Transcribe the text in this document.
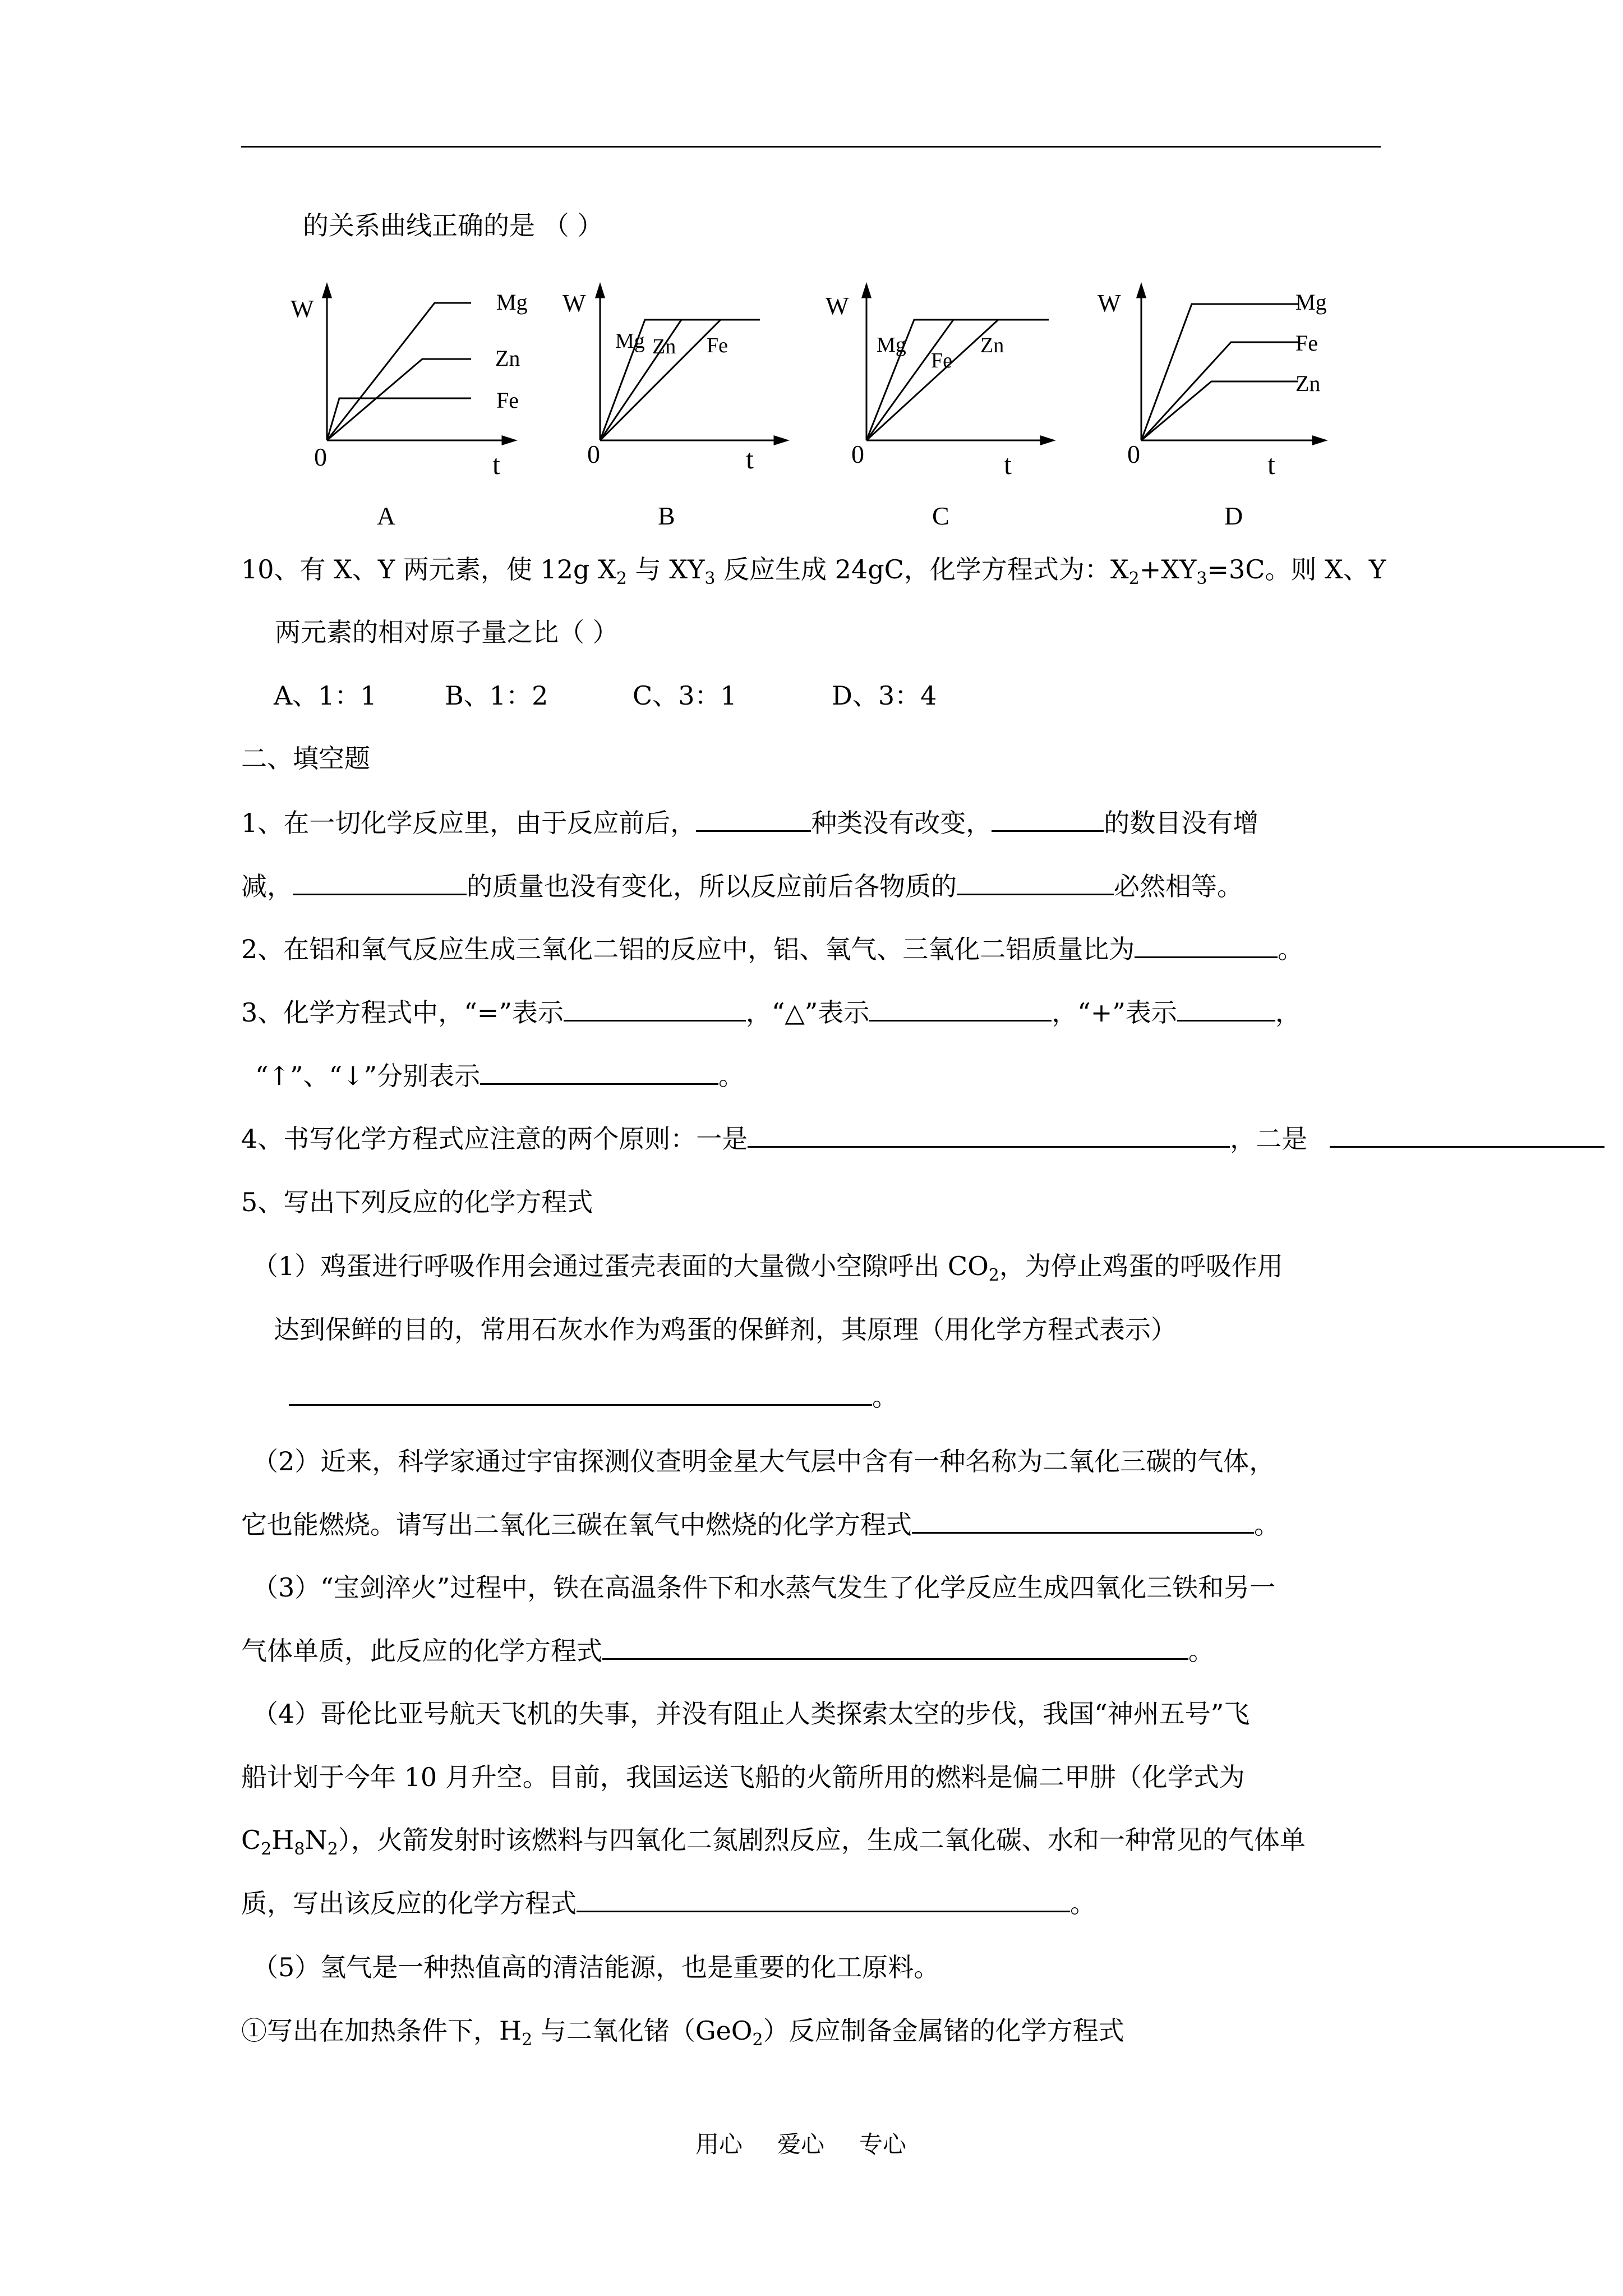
的关系曲线正确的是 （ ）
W
t
0
Mg
Zn
Fe
A
W
t
0
Mg Zn Fe
B
W
t
0
Mg
Fe
Zn
C
W
t
0
Mg
Fe
Zn
D
10、有 X、Y 两元素，使 12g $X_2$ 与 $XY_3$ 反应生成 24gC，化学方程式为：$X_2+XY_3=3C$。则 X、Y
两元素的相对原子量之比（ ）
A、1：1	B、1：2	C、3：1	D、3：4
二、填空题
1、在一切化学反应里，由于反应前后，	种类没有改变，	的数目没有增
减，	的质量也没有变化，所以反应前后各物质的	必然相等。
2、在铝和氧气反应生成三氧化二铝的反应中，铝、氧气、三氧化二铝质量比为	。
3、化学方程式中，“=”表示	，“△”表示	，“+”表示	，
“↑”、“↓”分别表示	。
4、书写化学方程式应注意的两个原则：一是	，二是
5、写出下列反应的化学方程式
（1）鸡蛋进行呼吸作用会通过蛋壳表面的大量微小空隙呼出 $CO_2$，为停止鸡蛋的呼吸作用
达到保鲜的目的，常用石灰水作为鸡蛋的保鲜剂，其原理（用化学方程式表示）
。
（2）近来，科学家通过宇宙探测仪查明金星大气层中含有一种名称为二氧化三碳的气体，
它也能燃烧。请写出二氧化三碳在氧气中燃烧的化学方程式	。
（3）“宝剑淬火”过程中，铁在高温条件下和水蒸气发生了化学反应生成四氧化三铁和另一
气体单质，此反应的化学方程式	。
（4）哥伦比亚号航天飞机的失事，并没有阻止人类探索太空的步伐，我国“神州五号”飞
船计划于今年 10 月升空。目前，我国运送飞船的火箭所用的燃料是偏二甲肼（化学式为
$C_2H_8N_2$），火箭发射时该燃料与四氧化二氮剧烈反应，生成二氧化碳、水和一种常见的气体单
质，写出该反应的化学方程式	。
（5）氢气是一种热值高的清洁能源，也是重要的化工原料。
①写出在加热条件下，$H_2$ 与二氧化锗（GeO$_2$）反应制备金属锗的化学方程式
用心 爱心 专心
